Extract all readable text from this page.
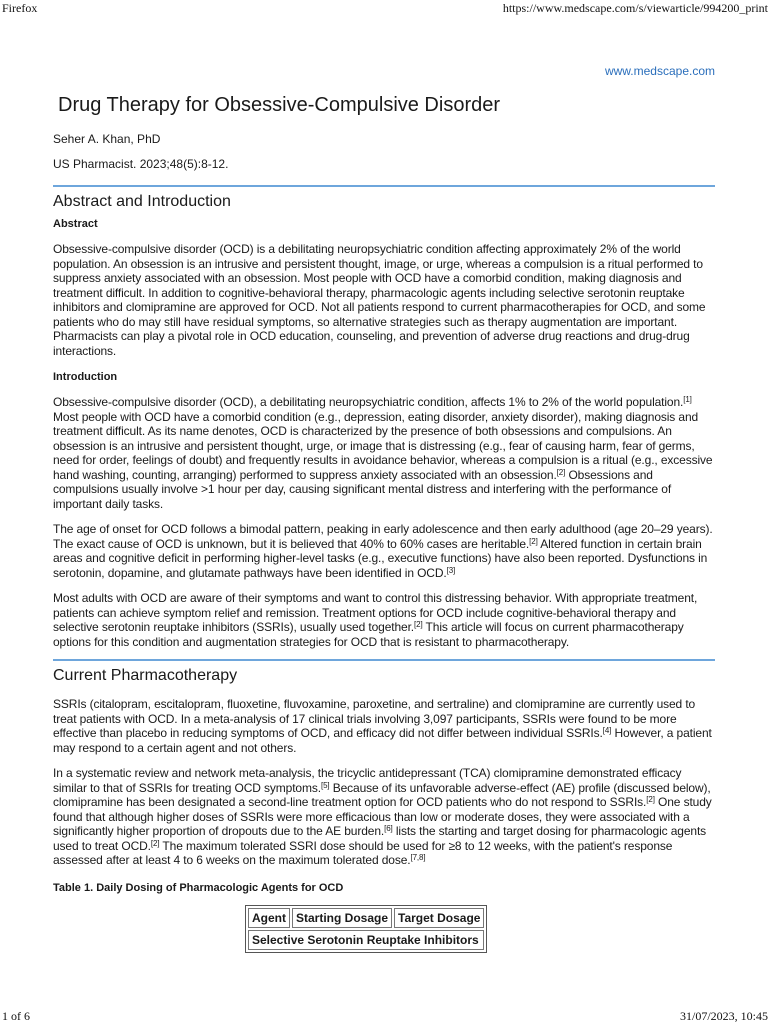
Firefox	https://www.medscape.com/s/viewarticle/994200_print
www.medscape.com
Drug Therapy for Obsessive-Compulsive Disorder

Seher A. Khan, PhD

US Pharmacist. 2023;48(5):8-12.

Abstract and Introduction
Abstract

Obsessive-compulsive disorder (OCD) is a debilitating neuropsychiatric condition affecting approximately 2% of the world population. An obsession is an intrusive and persistent thought, image, or urge, whereas a compulsion is a ritual performed to suppress anxiety associated with an obsession. Most people with OCD have a comorbid condition, making diagnosis and treatment difficult. In addition to cognitive-behavioral therapy, pharmacologic agents including selective serotonin reuptake inhibitors and clomipramine are approved for OCD. Not all patients respond to current pharmacotherapies for OCD, and some patients who do may still have residual symptoms, so alternative strategies such as therapy augmentation are important. Pharmacists can play a pivotal role in OCD education, counseling, and prevention of adverse drug reactions and drug-drug interactions.

Introduction

Obsessive-compulsive disorder (OCD), a debilitating neuropsychiatric condition, affects 1% to 2% of the world population.[1] Most people with OCD have a comorbid condition (e.g., depression, eating disorder, anxiety disorder), making diagnosis and treatment difficult. As its name denotes, OCD is characterized by the presence of both obsessions and compulsions. An obsession is an intrusive and persistent thought, urge, or image that is distressing (e.g., fear of causing harm, fear of germs, need for order, feelings of doubt) and frequently results in avoidance behavior, whereas a compulsion is a ritual (e.g., excessive hand washing, counting, arranging) performed to suppress anxiety associated with an obsession.[2] Obsessions and compulsions usually involve >1 hour per day, causing significant mental distress and interfering with the performance of important daily tasks.

The age of onset for OCD follows a bimodal pattern, peaking in early adolescence and then early adulthood (age 20–29 years). The exact cause of OCD is unknown, but it is believed that 40% to 60% cases are heritable.[2] Altered function in certain brain areas and cognitive deficit in performing higher-level tasks (e.g., executive functions) have also been reported. Dysfunctions in serotonin, dopamine, and glutamate pathways have been identified in OCD.[3]

Most adults with OCD are aware of their symptoms and want to control this distressing behavior. With appropriate treatment, patients can achieve symptom relief and remission. Treatment options for OCD include cognitive-behavioral therapy and selective serotonin reuptake inhibitors (SSRIs), usually used together.[2] This article will focus on current pharmacotherapy options for this condition and augmentation strategies for OCD that is resistant to pharmacotherapy.

Current Pharmacotherapy

SSRIs (citalopram, escitalopram, fluoxetine, fluvoxamine, paroxetine, and sertraline) and clomipramine are currently used to treat patients with OCD. In a meta-analysis of 17 clinical trials involving 3,097 participants, SSRIs were found to be more effective than placebo in reducing symptoms of OCD, and efficacy did not differ between individual SSRIs.[4] However, a patient may respond to a certain agent and not others.

In a systematic review and network meta-analysis, the tricyclic antidepressant (TCA) clomipramine demonstrated efficacy similar to that of SSRIs for treating OCD symptoms.[5] Because of its unfavorable adverse-effect (AE) profile (discussed below), clomipramine has been designated a second-line treatment option for OCD patients who do not respond to SSRIs.[2] One study found that although higher doses of SSRIs were more efficacious than low or moderate doses, they were associated with a significantly higher proportion of dropouts due to the AE burden.[6] lists the starting and target dosing for pharmacologic agents used to treat OCD.[2] The maximum tolerated SSRI dose should be used for ≥8 to 12 weeks, with the patient's response assessed after at least 4 to 6 weeks on the maximum tolerated dose.[7,8]

Table 1. Daily Dosing of Pharmacologic Agents for OCD

Agent	Starting Dosage	Target Dosage
Selective Serotonin Reuptake Inhibitors
1 of 6	31/07/2023, 10:45
